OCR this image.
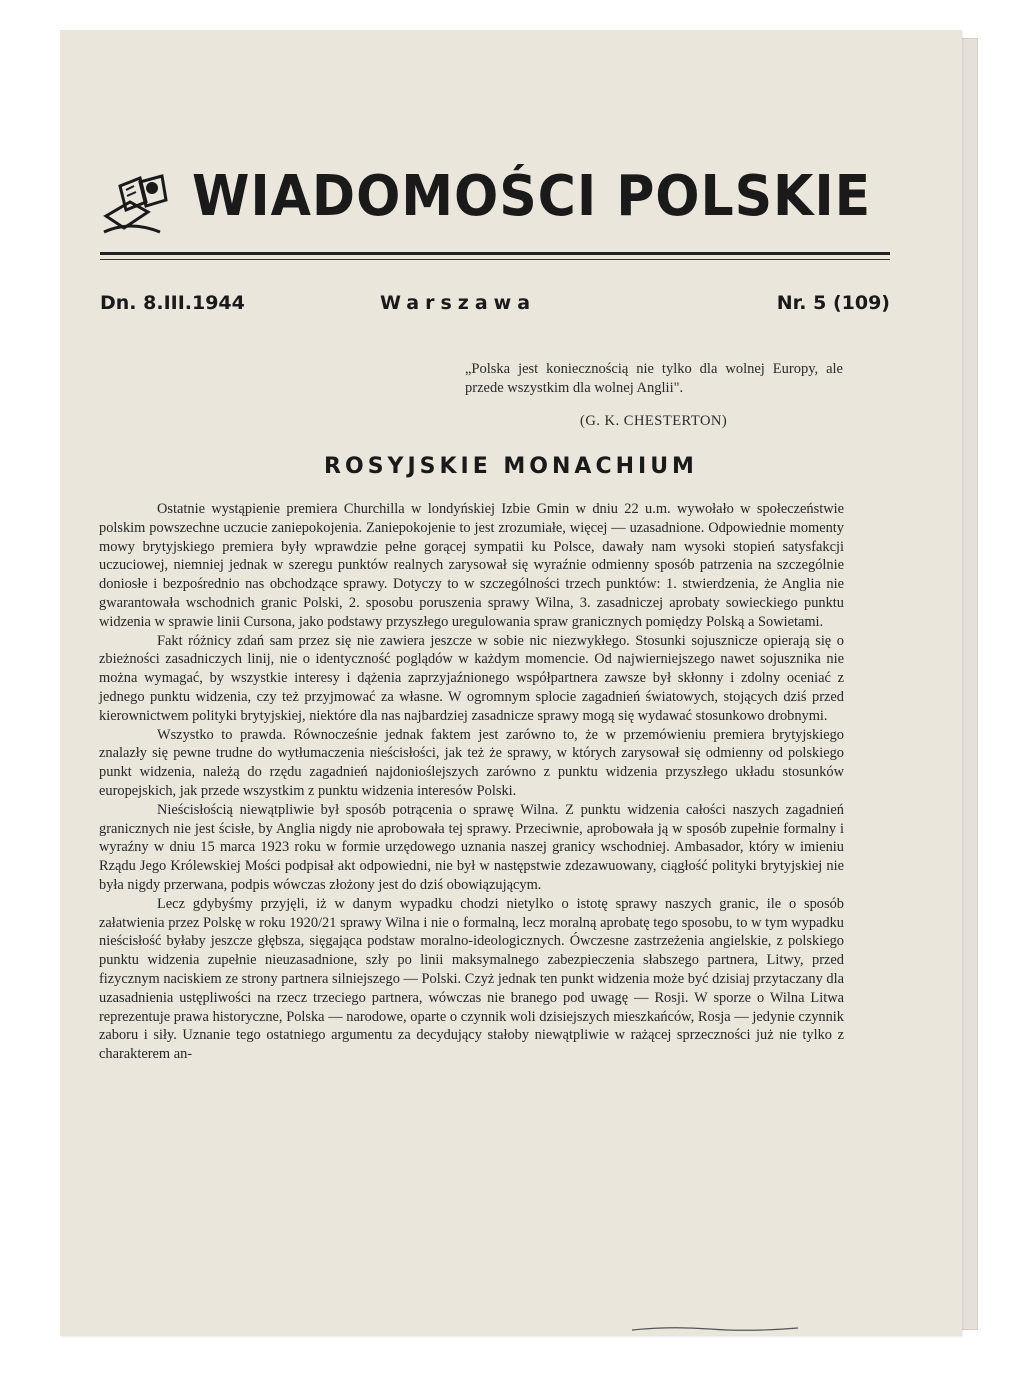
WIADOMOŚCI POLSKIE
Dn. 8.III.1944	Warszawa	Nr. 5 (109)
„Polska jest koniecznością nie tylko dla wolnej Europy, ale przede wszystkim dla wolnej Anglii".
(G. K. CHESTERTON)
ROSYJSKIE MONACHIUM

Ostatnie wystąpienie premiera Churchilla w londyńskiej Izbie Gmin w dniu 22 u.m. wywołało w społeczeństwie polskim powszechne uczucie zaniepokojenia. Zaniepokojenie to jest zrozumiałe, więcej — uzasadnione. Odpowiednie momenty mowy brytyjskiego premiera były wprawdzie pełne gorącej sympatii ku Polsce, dawały nam wysoki stopień satysfakcji uczuciowej, niemniej jednak w szeregu punktów realnych zarysował się wyraźnie odmienny sposób patrzenia na szczególnie doniosłe i bezpośrednio nas obchodzące sprawy. Dotyczy to w szczególności trzech punktów: 1. stwierdzenia, że Anglia nie gwarantowała wschodnich granic Polski, 2. sposobu poruszenia sprawy Wilna, 3. zasadniczej aprobaty sowieckiego punktu widzenia w sprawie linii Cursona, jako podstawy przyszłego uregulowania spraw granicznych pomiędzy Polską a Sowietami.

Fakt różnicy zdań sam przez się nie zawiera jeszcze w sobie nic niezwykłego. Stosunki sojusznicze opierają się o zbieżności zasadniczych linij, nie o identyczność poglądów w każdym momencie. Od najwierniejszego nawet sojusznika nie można wymagać, by wszystkie interesy i dążenia zaprzyjaźnionego współpartnera zawsze był skłonny i zdolny oceniać z jednego punktu widzenia, czy też przyjmować za własne. W ogromnym splocie zagadnień światowych, stojących dziś przed kierownictwem polityki brytyjskiej, niektóre dla nas najbardziej zasadnicze sprawy mogą się wydawać stosunkowo drobnymi.

Wszystko to prawda. Równocześnie jednak faktem jest zarówno to, że w przemówieniu premiera brytyjskiego znalazły się pewne trudne do wytłumaczenia nieścisłości, jak też że sprawy, w których zarysował się odmienny od polskiego punkt widzenia, należą do rzędu zagadnień najdonioślejszych zarówno z punktu widzenia przyszłego układu stosunków europejskich, jak przede wszystkim z punktu widzenia interesów Polski.

Nieścisłością niewątpliwie był sposób potrącenia o sprawę Wilna. Z punktu widzenia całości naszych zagadnień granicznych nie jest ścisłe, by Anglia nigdy nie aprobowała tej sprawy. Przeciwnie, aprobowała ją w sposób zupełnie formalny i wyraźny w dniu 15 marca 1923 roku w formie urzędowego uznania naszej granicy wschodniej. Ambasador, który w imieniu Rządu Jego Królewskiej Mości podpisał akt odpowiedni, nie był w następstwie zdezawuowany, ciągłość polityki brytyjskiej nie była nigdy przerwana, podpis wówczas złożony jest do dziś obowiązującym.

Lecz gdybyśmy przyjęli, iż w danym wypadku chodzi nietylko o istotę sprawy naszych granic, ile o sposób załatwienia przez Polskę w roku 1920/21 sprawy Wilna i nie o formalną, lecz moralną aprobatę tego sposobu, to w tym wypadku nieścisłość byłaby jeszcze głębsza, sięgająca podstaw moralno-ideologicznych. Ówczesne zastrzeżenia angielskie, z polskiego punktu widzenia zupełnie nieuzasadnione, szły po linii maksymalnego zabezpieczenia słabszego partnera, Litwy, przed fizycznym naciskiem ze strony partnera silniejszego — Polski. Czyż jednak ten punkt widzenia może być dzisiaj przytaczany dla uzasadnienia ustępliwości na rzecz trzeciego partnera, wówczas nie branego pod uwagę — Rosji. W sporze o Wilna Litwa reprezentuje prawa historyczne, Polska — narodowe, oparte o czynnik woli dzisiejszych mieszkańców, Rosja — jedynie czynnik zaboru i siły. Uznanie tego ostatniego argumentu za decydujący stałoby niewątpliwie w rażącej sprzeczności już nie tylko z charakterem an-
